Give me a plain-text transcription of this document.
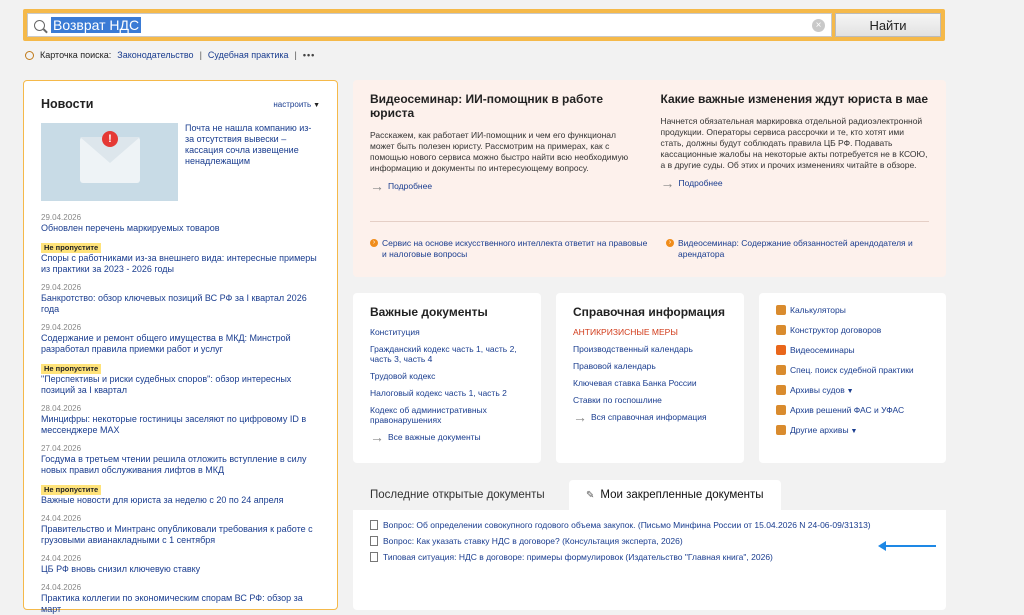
Возврат НДС	×	Найти
Карточка поиска: Законодательство | Судебная практика | •••
Новости	настроить ▼
!
Почта не нашла компанию из-за отсутствия вывески – кассация сочла извещение ненадлежащим
29.04.2026
Обновлен перечень маркируемых товаров
Не пропустите
Споры с работниками из-за внешнего вида: интересные примеры из практики за 2023 - 2026 годы
29.04.2026
Банкротство: обзор ключевых позиций ВС РФ за I квартал 2026 года
29.04.2026
Содержание и ремонт общего имущества в МКД: Минстрой разработал правила приемки работ и услуг
Не пропустите
"Перспективы и риски судебных споров": обзор интересных позиций за I квартал
28.04.2026
Минцифры: некоторые гостиницы заселяют по цифровому ID в мессенджере MAX
27.04.2026
Госдума в третьем чтении решила отложить вступление в силу новых правил обслуживания лифтов в МКД
Не пропустите
Важные новости для юриста за неделю с 20 по 24 апреля
24.04.2026
Правительство и Минтранс опубликовали требования к работе с грузовыми авианакладными с 1 сентября
24.04.2026
ЦБ РФ вновь снизил ключевую ставку
24.04.2026
Практика коллегии по экономическим спорам ВС РФ: обзор за март
Видеосеминар: ИИ-помощник в работе юриста
Расскажем, как работает ИИ-помощник и чем его функционал может быть полезен юристу. Рассмотрим на примерах, как с помощью нового сервиса можно быстро найти всю необходимую информацию и документы по интересующему вопросу.
→ Подробнее
Какие важные изменения ждут юриста в мае
Начнется обязательная маркировка отдельной радиоэлектронной продукции. Операторы сервиса рассрочки и те, кто хотят ими стать, должны будут соблюдать правила ЦБ РФ. Подавать кассационные жалобы на некоторые акты потребуется не в КСОЮ, а в другие суды. Об этих и прочих изменениях читайте в обзоре.
→ Подробнее
› Сервис на основе искусственного интеллекта ответит на правовые и налоговые вопросы
› Видеосеминар: Содержание обязанностей арендодателя и арендатора
Важные документы
Конституция
Гражданский кодекс часть 1, часть 2, часть 3, часть 4
Трудовой кодекс
Налоговый кодекс часть 1, часть 2
Кодекс об административных правонарушениях
→ Все важные документы
Справочная информация
АНТИКРИЗИСНЫЕ МЕРЫ
Производственный календарь
Правовой календарь
Ключевая ставка Банка России
Ставки по госпошлине
→ Вся справочная информация
Калькуляторы
Конструктор договоров
Видеосеминары
Спец. поиск судебной практики
Архивы судов ▼
Архив решений ФАС и УФАС
Другие архивы ▼
Последние открытые документы	✎ Мои закрепленные документы
Вопрос: Об определении совокупного годового объема закупок. (Письмо Минфина России от 15.04.2026 N 24-06-09/31313)
Вопрос: Как указать ставку НДС в договоре? (Консультация эксперта, 2026)
Типовая ситуация: НДС в договоре: примеры формулировок (Издательство "Главная книга", 2026)
